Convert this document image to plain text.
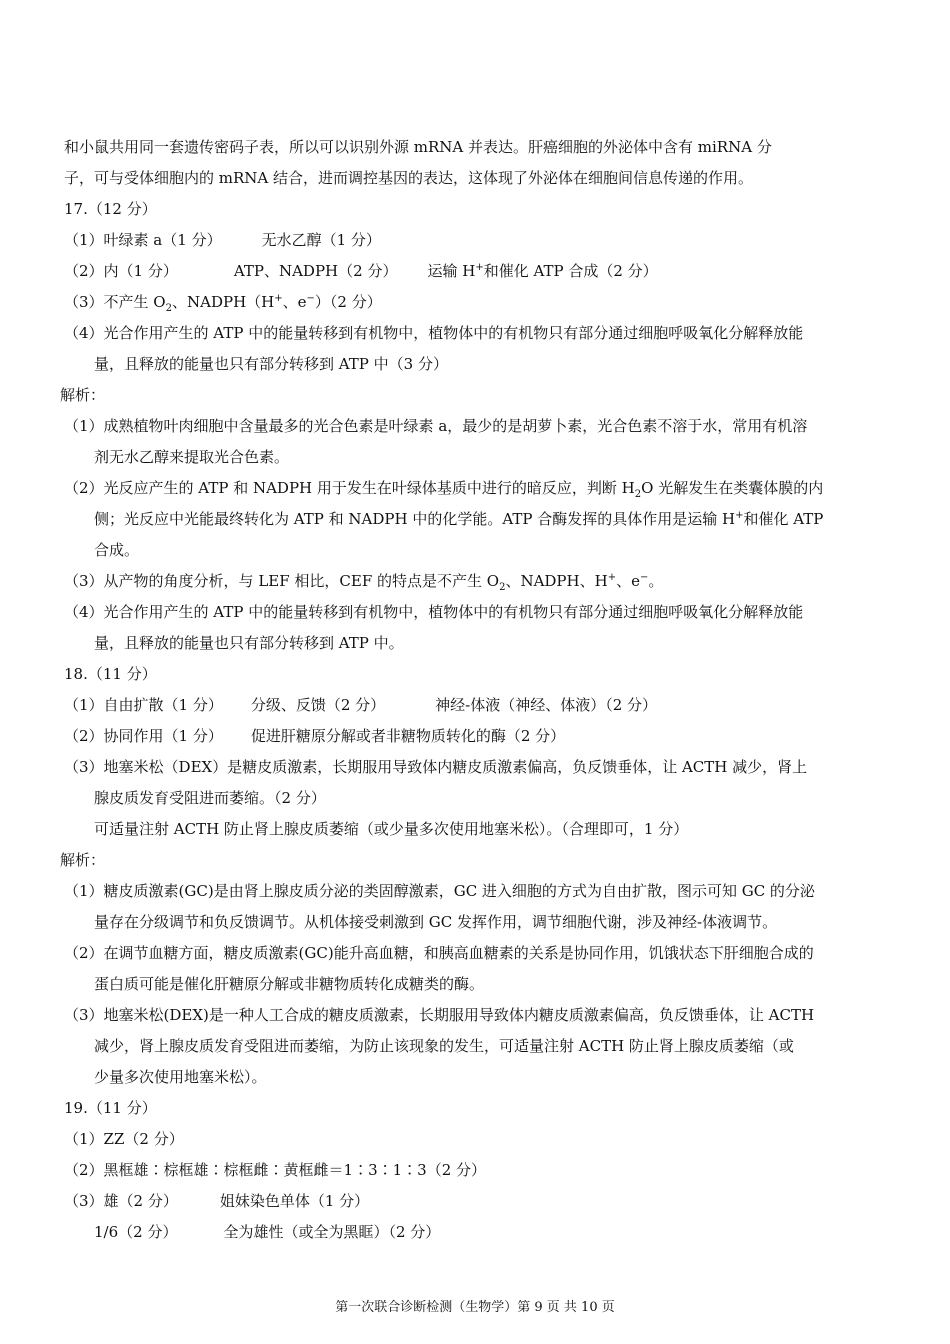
和小鼠共用同一套遗传密码子表，所以可以识别外源 mRNA 并表达。肝癌细胞的外泌体中含有 miRNA 分
子，可与受体细胞内的 mRNA 结合，进而调控基因的表达，这体现了外泌体在细胞间信息传递的作用。
17.（12 分）
（1）叶绿素 a（1 分）	无水乙醇（1 分）
（2）内（1 分）	ATP、NADPH（2 分） 运输 H+和催化 ATP 合成（2 分）
（3）不产生 $O_2$、NADPH（H+、e−）（2 分）
（4）光合作用产生的 ATP 中的能量转移到有机物中，植物体中的有机物只有部分通过细胞呼吸氧化分解释放能
量，且释放的能量也只有部分转移到 ATP 中（3 分）
解析：
（1）成熟植物叶肉细胞中含量最多的光合色素是叶绿素 a，最少的是胡萝卜素，光合色素不溶于水，常用有机溶
剂无水乙醇来提取光合色素。
（2）光反应产生的 ATP 和 NADPH 用于发生在叶绿体基质中进行的暗反应，判断 $H_2O$ 光解发生在类囊体膜的内
侧；光反应中光能最终转化为 ATP 和 NADPH 中的化学能。ATP 合酶发挥的具体作用是运输 H+和催化 ATP
合成。
（3）从产物的角度分析，与 LEF 相比，CEF 的特点是不产生 $O_2$、NADPH、H+、e−。
（4）光合作用产生的 ATP 中的能量转移到有机物中，植物体中的有机物只有部分通过细胞呼吸氧化分解释放能
量，且释放的能量也只有部分转移到 ATP 中。
18.（11 分）
（1）自由扩散（1 分） 分级、反馈（2 分）	神经-体液（神经、体液）（2 分）
（2）协同作用（1 分） 促进肝糖原分解或者非糖物质转化的酶（2 分）
（3）地塞米松（DEX）是糖皮质激素，长期服用导致体内糖皮质激素偏高，负反馈垂体，让 ACTH 减少，肾上
腺皮质发育受阻进而萎缩。（2 分）
可适量注射 ACTH 防止肾上腺皮质萎缩（或少量多次使用地塞米松）。（合理即可，1 分）
解析：
（1）糖皮质激素(GC)是由肾上腺皮质分泌的类固醇激素，GC 进入细胞的方式为自由扩散，图示可知 GC 的分泌
量存在分级调节和负反馈调节。从机体接受刺激到 GC 发挥作用，调节细胞代谢，涉及神经-体液调节。
（2）在调节血糖方面，糖皮质激素(GC)能升高血糖，和胰高血糖素的关系是协同作用，饥饿状态下肝细胞合成的
蛋白质可能是催化肝糖原分解或非糖物质转化成糖类的酶。
（3）地塞米松(DEX)是一种人工合成的糖皮质激素，长期服用导致体内糖皮质激素偏高，负反馈垂体，让 ACTH
减少，肾上腺皮质发育受阻进而萎缩，为防止该现象的发生，可适量注射 ACTH 防止肾上腺皮质萎缩（或
少量多次使用地塞米松）。
19.（11 分）
（1）ZZ（2 分）
（2）黑框雄∶棕框雄∶棕框雌∶黄框雌＝1∶3∶1∶3（2 分）
（3）雄（2 分）	姐妹染色单体（1 分）
1/6（2 分）	全为雄性（或全为黑眶）（2 分）
第一次联合诊断检测（生物学）第 9 页 共 10 页
